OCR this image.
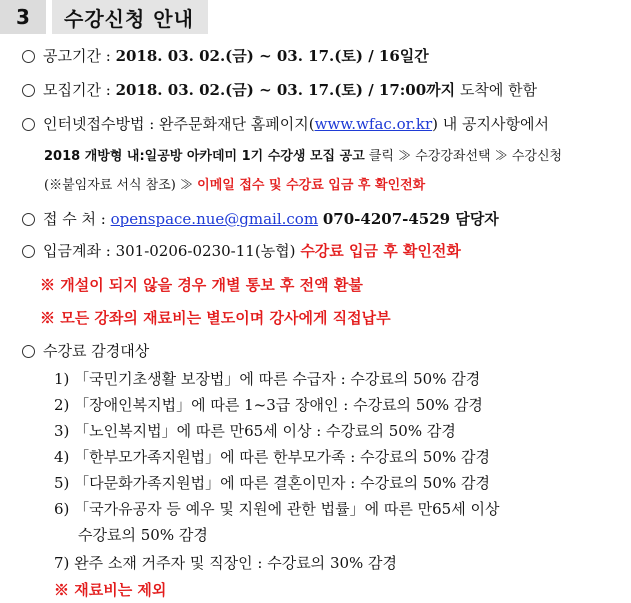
3	수강신청 안내
공고기간 : 2018. 03. 02.(금) ~ 03. 17.(토) / 16일간
모집기간 : 2018. 03. 02.(금) ~ 03. 17.(토) / 17:00까지 도착에 한함
인터넷접수방법 : 완주문화재단 홈페이지(www.wfac.or.kr) 내 공지사항에서
2018 개방형 내:일공방 아카데미 1기 수강생 모집 공고 클릭 ≫ 수강강좌선택 ≫ 수강신청
(※붙임자료 서식 참조) ≫ 이메일 접수 및 수강료 입금 후 확인전화
접 수 처 : openspace.nue@gmail.com 070-4207-4529 담당자
입금계좌 : 301-0206-0230-11(농협) 수강료 입금 후 확인전화
※ 개설이 되지 않을 경우 개별 통보 후 전액 환불
※ 모든 강좌의 재료비는 별도이며 강사에게 직접납부
수강료 감경대상
1) 「국민기초생활 보장법」에 따른 수급자 : 수강료의 50% 감경
2) 「장애인복지법」에 따른 1~3급 장애인 : 수강료의 50% 감경
3) 「노인복지법」에 따른 만65세 이상 : 수강료의 50% 감경
4) 「한부모가족지원법」에 따른 한부모가족 : 수강료의 50% 감경
5) 「다문화가족지원법」에 따른 결혼이민자 : 수강료의 50% 감경
6) 「국가유공자 등 예우 및 지원에 관한 법률」에 따른 만65세 이상
수강료의 50% 감경
7) 완주 소재 거주자 및 직장인 : 수강료의 30% 감경
※ 재료비는 제외
